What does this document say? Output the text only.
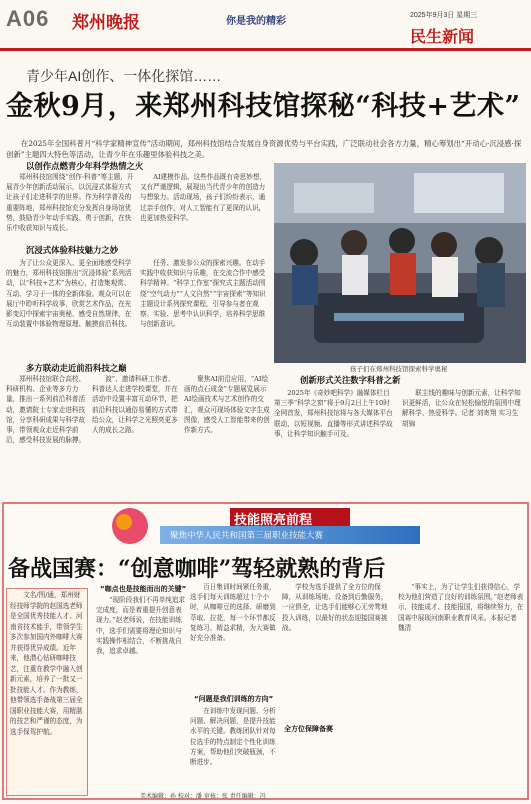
A06 郑州晚报	你是我的精彩
2025年9月3日 星期三
民生新闻
青少年AI创作、一体化探馆……
金秋9月，来郑州科技馆探秘“科技+艺术”
在2025年全国科普月“科学家精神宣传”活动期间，郑州科技馆结合发展自身资源优势与平台实践，广泛联动社会各方力量，精心筹划出“开动心·沉浸感·探创新”主题四大特色等活动，让青少年在乐趣里体验科技之美。
以创作点燃青少年科学热情之火
郑州科技馆围绕“创作·科普”等主题，开展青少年创新活动展示，以沉浸式体验方式让孩子们走进科学的世界。作为科学普及的重要阵地，郑州科技馆充分发挥自身场馆优势，鼓励青少年动手实践、勇于创新，在快乐中收获知识与成长。
AI建模作品、这些作品既有奇思妙想，又有严谨逻辑，展现出当代青少年的创造力与想象力。活动现场，孩子们纷纷表示，通过亲手创作，对人工智能有了更深的认识，也更加热爱科学。
沉浸式体验科技魅力之妙
为了让公众更深入、更全面地感受科学的魅力，郑州科技馆推出“沉浸体验”系列活动，以“科技+艺术”为核心，打造集观赏、互动、学习于一体的全新体验。观众可以在展厅中聆听科学故事，欣赏艺术作品，在光影变幻中探索宇宙奥秘、感受自然规律，在互动装置中体验物理原理、触摸前沿科技。
任务、激发参公众的探索兴趣。在动手实践中收获知识与乐趣，在交流合作中感受科学精神。“科学工作室”探究式主题活动围绕“空气动力”“人文自然”“宇宙探索”等知识主题设计系列探究课程，引导参与者在观察、实验、思考中认识科学，培养科学思维与创新意识。
多方联动走近前沿科技之巅
郑州科技馆联合高校、科研机构、企业等多方力量，推出一系列前沿科普活动，邀请院士专家走进科技馆，分享科研成果与科学故事，带领观众走近科学前沿，感受科技发展的脉搏。
渡”、邀请科研工作者、科普达人走进学校课堂，并在活动中设置丰富互动环节，把前沿科技以通俗易懂的方式带给公众，让科学之光照亮更多人的成长之路。
聚焦AI前沿应用，“AI绘画的点石成金”专题展览展示AI绘画技术与艺术创作的交汇，观众可现场体验文字生成图像，感受人工智能带来的创作新方式。
孩子们在郑州科技馆探索科学奥秘
创新形式关注数字科普之新
2025年《奇妙吧科学》融媒体栏目第三季“科学之窗”将于9月2日上午10时全网首发，郑州科技馆将与各大媒体平台联动，以短视频、直播等形式讲述科学故事，让科学知识触手可及。
联主线的趣味与创新元素，让科学知识更鲜活，让公众在轻松愉悦的氛围中理解科学、热爱科学。记者 刘寄翔 实习生 胡锦
技能照亮前程
聚焦中华人民共和国第三届职业技能大赛
备战国赛：“创意咖啡”驾轻就熟的背后
文名/图/通，郑州财经技师学院的赵国选老师是全国优秀技能人才、河南省技术能手，带领学生多次参加国内外咖啡大赛并获得优异成绩。近年来，他潜心钻研咖啡技艺，注重在教学中融入创新元素，培养了一批又一批技能人才。作为教练，他带领选手备战第三届全国职业技能大赛，用精湛的技艺和严谨的态度，为选手保驾护航。
“咖点也是技能而出的关键”
“现阶段我们不再单纯追求完成度，而是着重提升创意表现力。”赵老师说，在技能训练中，选手们需要将理论知识与实践操作相结合，不断挑战自我，追求卓越。
百日集训时间紧任务重，选手们每天训练超过十个小时，从咖啡豆的选择、研磨到萃取、拉花，每一个环节都反复练习、精益求精，为大赛做好充分准备。
“问题是我们训练的方向”
在训练中发现问题、分析问题、解决问题，是提升技能水平的关键。教练团队针对每位选手的特点制定个性化训练方案，帮助他们突破瓶颈，不断进步。
全方位保障备赛
学校为选手提供了全方位的保障，从训练场地、设备到后勤服务，一应俱全，让选手们能够心无旁骛地投入训练，以最好的状态迎接国赛挑战。
“事实上，为了让学生们获得信心，学校为他们营造了良好的训练氛围。”赵老师表示，技能成才、技能报国，将继续努力，在国赛中展现河南职业教育风采。本报记者 魏清
美术编辑：孙 校对：潘 审核：张 责任编辑：冯
